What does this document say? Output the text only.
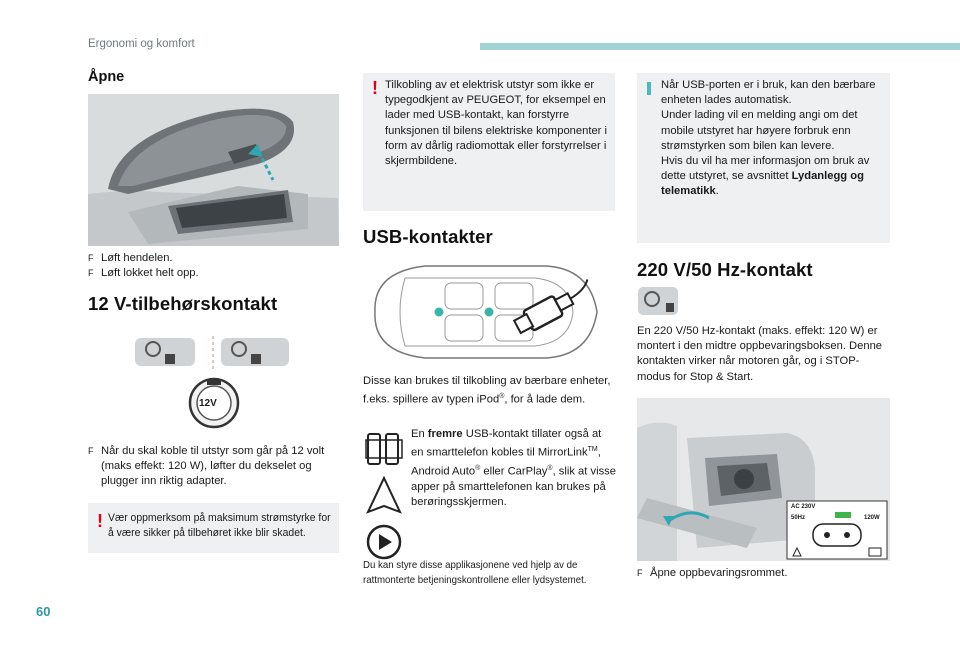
Ergonomi og komfort
Åpne
F Løft hendelen.
F Løft lokket helt opp.
12 V-tilbehørskontakt
12V
F Når du skal koble til utstyr som går på 12 volt (maks effekt: 120 W), løfter du dekselet og plugger inn riktig adapter.
! Vær oppmerksom på maksimum strømstyrke for å være sikker på tilbehøret ikke blir skadet.
! Tilkobling av et elektrisk utstyr som ikke er typegodkjent av PEUGEOT, for eksempel en lader med USB-kontakt, kan forstyrre funksjonen til bilens elektriske komponenter i form av dårlig radiomottak eller forstyrrelser i skjermbildene.
USB-kontakter
Disse kan brukes til tilkobling av bærbare enheter, f.eks. spillere av typen iPod®, for å lade dem.
En fremre USB-kontakt tillater også at en smarttelefon kobles til MirrorLink™, Android Auto® eller CarPlay®, slik at visse apper på smarttelefonen kan brukes på berøringsskjermen.
Du kan styre disse applikasjonene ved hjelp av de rattmonterte betjeningskontrollene eller lydsystemet.
Når USB-porten er i bruk, kan den bærbare enheten lades automatisk.
Under lading vil en melding angi om det mobile utstyret har høyere forbruk enn strømstyrken som bilen kan levere.
Hvis du vil ha mer informasjon om bruk av dette utstyret, se avsnittet Lydanlegg og telematikk.
220 V/50 Hz-kontakt
En 220 V/50 Hz-kontakt (maks. effekt: 120 W) er montert i den midtre oppbevaringsboksen. Denne kontakten virker når motoren går, og i STOP-modus for Stop & Start.
AC 230V
50Hz	120W
F Åpne oppbevaringsrommet.
60
